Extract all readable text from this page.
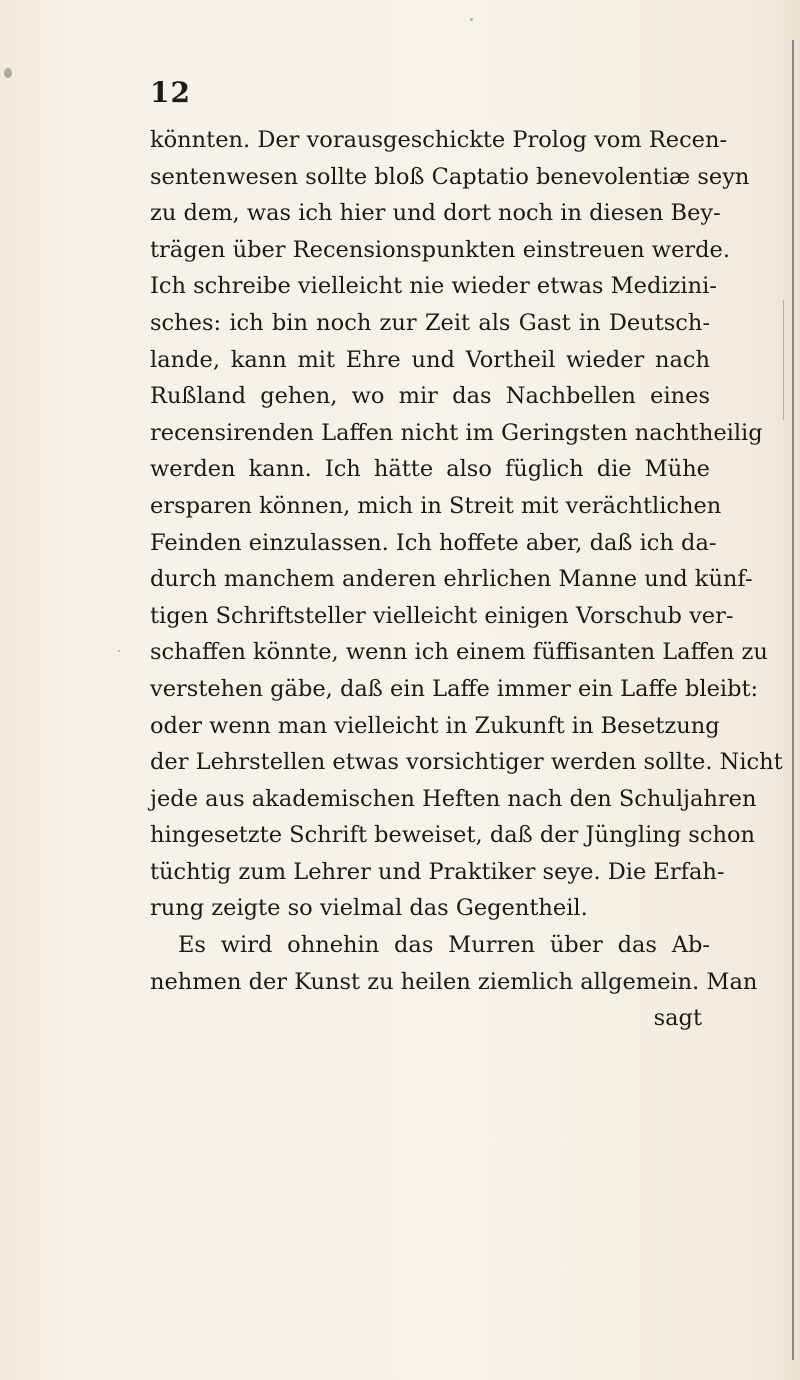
12
könnten. Der vorausgeschickte Prolog vom Recen-
sentenwesen sollte bloß Captatio benevolentiæ seyn
zu dem, was ich hier und dort noch in diesen Bey-
trägen über Recensionspunkten einstreuen werde.
Ich schreibe vielleicht nie wieder etwas Medizini-
sches: ich bin noch zur Zeit als Gast in Deutsch-
lande, kann mit Ehre und Vortheil wieder nach
Rußland gehen, wo mir das Nachbellen eines
recensirenden Laffen nicht im Geringsten nachtheilig
werden kann. Ich hätte also füglich die Mühe
ersparen können, mich in Streit mit verächtlichen
Feinden einzulassen. Ich hoffete aber, daß ich da-
durch manchem anderen ehrlichen Manne und künf-
tigen Schriftsteller vielleicht einigen Vorschub ver-
schaffen könnte, wenn ich einem füffisanten Laffen zu
verstehen gäbe, daß ein Laffe immer ein Laffe bleibt:
oder wenn man vielleicht in Zukunft in Besetzung
der Lehrstellen etwas vorsichtiger werden sollte. Nicht
jede aus akademischen Heften nach den Schuljahren
hingesetzte Schrift beweiset, daß der Jüngling schon
tüchtig zum Lehrer und Praktiker seye. Die Erfah-
rung zeigte so vielmal das Gegentheil.
Es wird ohnehin das Murren über das Ab-
nehmen der Kunst zu heilen ziemlich allgemein. Man
sagt
